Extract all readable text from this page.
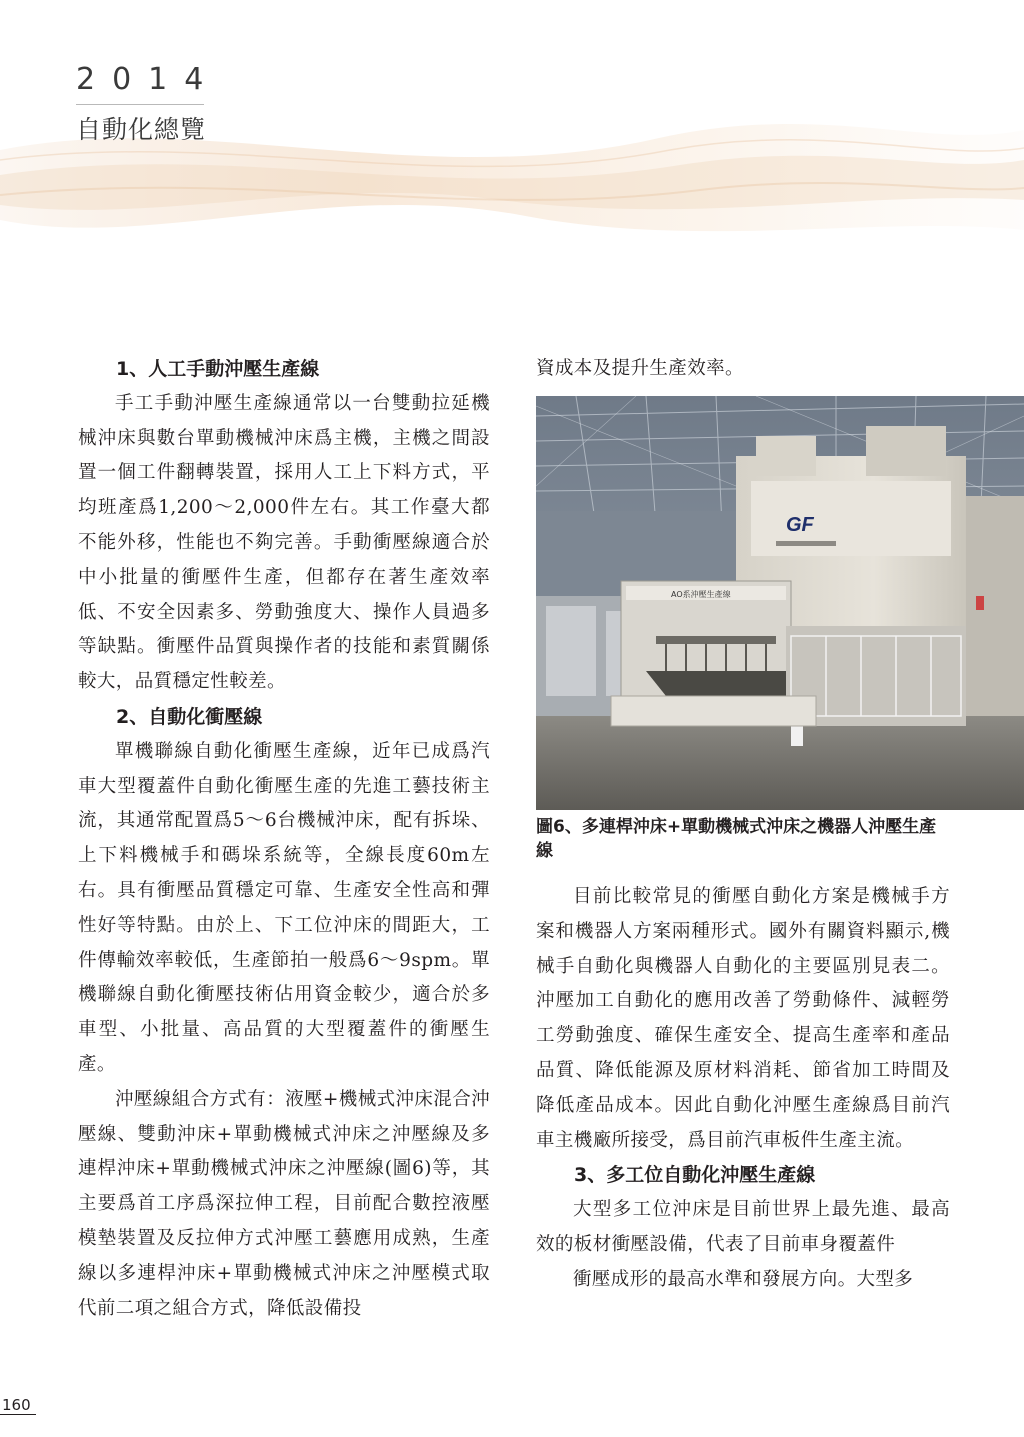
2014
自動化總覽

1、人工手動沖壓生產線

手工手動沖壓生產線通常以一台雙動拉延機械沖床與數台單動機械沖床爲主機，主機之間設置一個工件翻轉裝置，採用人工上下料方式，平均班產爲1,200～2,000件左右。其工作臺大都不能外移，性能也不夠完善。手動衝壓線適合於中小批量的衝壓件生產，但都存在著生產效率低、不安全因素多、勞動強度大、操作人員過多等缺點。衝壓件品質與操作者的技能和素質關係較大，品質穩定性較差。

2、自動化衝壓線

單機聯線自動化衝壓生產線，近年已成爲汽車大型覆蓋件自動化衝壓生產的先進工藝技術主流，其通常配置爲5～6台機械沖床，配有拆垛、上下料機械手和碼垛系統等，全線長度60m左右。具有衝壓品質穩定可靠、生產安全性高和彈性好等特點。由於上、下工位沖床的間距大，工件傳輸效率較低，生產節拍一般爲6～9spm。單機聯線自動化衝壓技術佔用資金較少，適合於多車型、小批量、高品質的大型覆蓋件的衝壓生產。

沖壓線組合方式有：液壓+機械式沖床混合沖壓線、雙動沖床+單動機械式沖床之沖壓線及多連桿沖床+單動機械式沖床之沖壓線(圖6)等，其主要爲首工序爲深拉伸工程，目前配合數控液壓模墊裝置及反拉伸方式沖壓工藝應用成熟，生產線以多連桿沖床+單動機械式沖床之沖壓模式取代前二項之組合方式，降低設備投

資成本及提升生產效率。

GF
AO系沖壓生產線

圖6、多連桿沖床+單動機械式沖床之機器人沖壓生產線

目前比較常見的衝壓自動化方案是機械手方案和機器人方案兩種形式。國外有關資料顯示,機械手自動化與機器人自動化的主要區別見表二。沖壓加工自動化的應用改善了勞動條件、減輕勞工勞動強度、確保生產安全、提高生產率和產品品質、降低能源及原材料消耗、節省加工時間及降低產品成本。因此自動化沖壓生產線爲目前汽車主機廠所接受，爲目前汽車板件生產主流。

3、多工位自動化沖壓生產線

大型多工位沖床是目前世界上最先進、最高效的板材衝壓設備，代表了目前車身覆蓋件

衝壓成形的最高水準和發展方向。大型多

160
